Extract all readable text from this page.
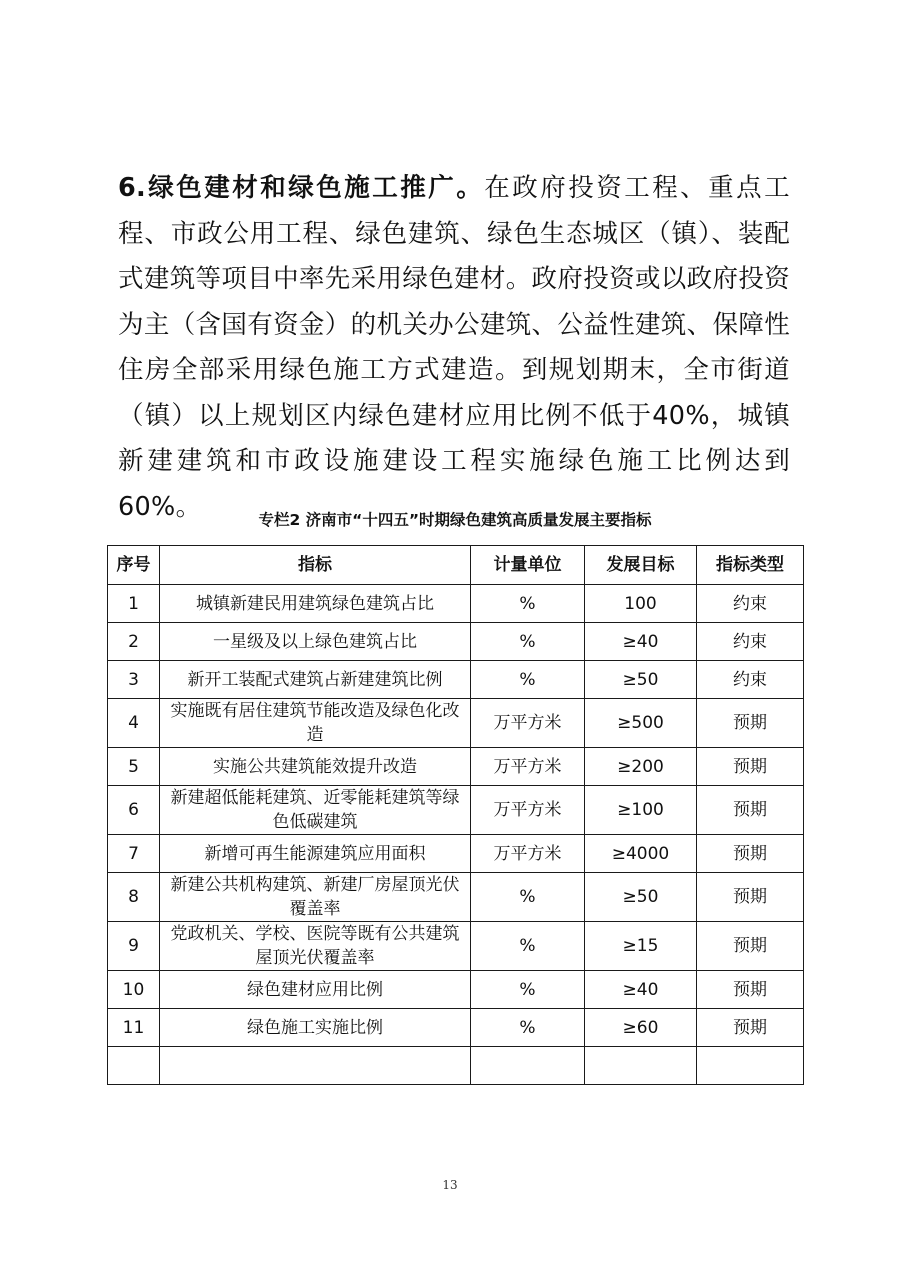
6.绿色建材和绿色施工推广。在政府投资工程、重点工程、市政公用工程、绿色建筑、绿色生态城区（镇）、装配式建筑等项目中率先采用绿色建材。政府投资或以政府投资为主（含国有资金）的机关办公建筑、公益性建筑、保障性住房全部采用绿色施工方式建造。到规划期末，全市街道（镇）以上规划区内绿色建材应用比例不低于40%，城镇新建建筑和市政设施建设工程实施绿色施工比例达到60%。	专栏2 济南市“十四五”时期绿色建筑高质量发展主要指标
序号	指标	计量单位	发展目标	指标类型
1	城镇新建民用建筑绿色建筑占比	%	100	约束
2	一星级及以上绿色建筑占比	%	≥40	约束
3	新开工装配式建筑占新建建筑比例	%	≥50	约束
4	实施既有居住建筑节能改造及绿色化改造	万平方米	≥500	预期
5	实施公共建筑能效提升改造	万平方米	≥200	预期
6	新建超低能耗建筑、近零能耗建筑等绿色低碳建筑	万平方米	≥100	预期
7	新增可再生能源建筑应用面积	万平方米	≥4000	预期
8	新建公共机构建筑、新建厂房屋顶光伏覆盖率	%	≥50	预期
9	党政机关、学校、医院等既有公共建筑屋顶光伏覆盖率	%	≥15	预期
10	绿色建材应用比例	%	≥40	预期
11	绿色施工实施比例	%	≥60	预期

13
